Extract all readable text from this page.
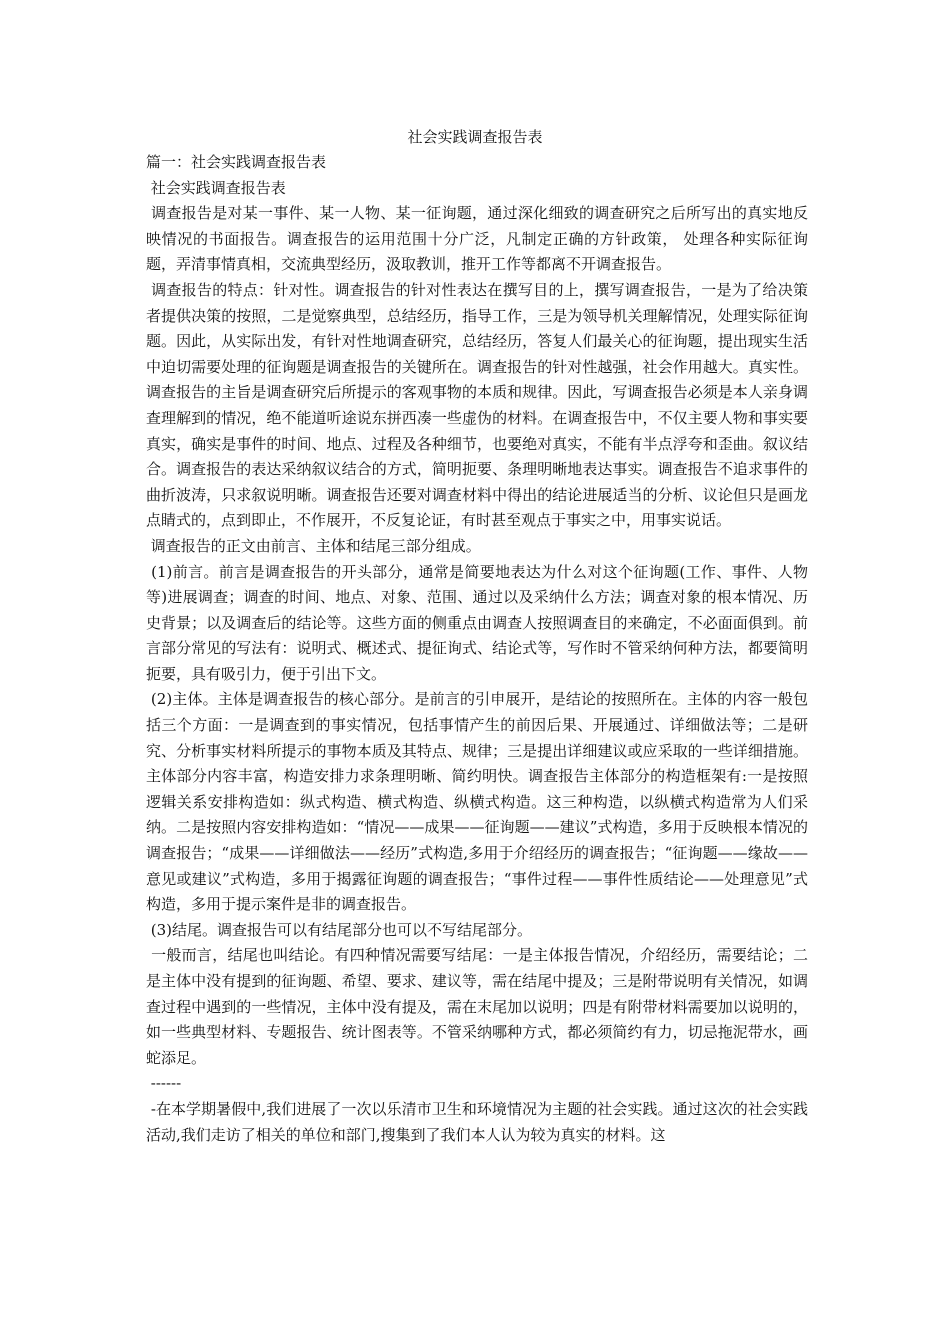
社会实践调查报告表

篇一：社会实践调查报告表

社会实践调查报告表

调查报告是对某一事件、某一人物、某一征询题，通过深化细致的调查研究之后所写出的真实地反映情况的书面报告。调查报告的运用范围十分广泛，凡制定正确的方针政策， 处理各种实际征询题，弄清事情真相，交流典型经历，汲取教训，推开工作等都离不开调查报告。

调查报告的特点：针对性。调查报告的针对性表达在撰写目的上，撰写调查报告，一是为了给决策者提供决策的按照，二是觉察典型，总结经历，指导工作，三是为领导机关理解情况，处理实际征询题。因此，从实际出发，有针对性地调查研究，总结经历，答复人们最关心的征询题，提出现实生活中迫切需要处理的征询题是调查报告的关键所在。调查报告的针对性越强，社会作用越大。真实性。调查报告的主旨是调查研究后所提示的客观事物的本质和规律。因此，写调查报告必须是本人亲身调查理解到的情况，绝不能道听途说东拼西凑一些虚伪的材料。在调查报告中，不仅主要人物和事实要真实，确实是事件的时间、地点、过程及各种细节，也要绝对真实，不能有半点浮夸和歪曲。叙议结合。调查报告的表达采纳叙议结合的方式，简明扼要、条理明晰地表达事实。调查报告不追求事件的曲折波涛，只求叙说明晰。调查报告还要对调查材料中得出的结论进展适当的分析、议论但只是画龙点睛式的，点到即止，不作展开，不反复论证，有时甚至观点于事实之中，用事实说话。

调查报告的正文由前言、主体和结尾三部分组成。

(1)前言。前言是调查报告的开头部分，通常是简要地表达为什么对这个征询题(工作、事件、人物等)进展调查；调查的时间、地点、对象、范围、通过以及采纳什么方法；调查对象的根本情况、历史背景；以及调查后的结论等。这些方面的侧重点由调查人按照调查目的来确定，不必面面俱到。前言部分常见的写法有：说明式、概述式、提征询式、结论式等，写作时不管采纳何种方法，都要简明扼要，具有吸引力，便于引出下文。

(2)主体。主体是调查报告的核心部分。是前言的引申展开，是结论的按照所在。主体的内容一般包括三个方面：一是调查到的事实情况，包括事情产生的前因后果、开展通过、详细做法等；二是研究、分析事实材料所提示的事物本质及其特点、规律；三是提出详细建议或应采取的一些详细措施。主体部分内容丰富，构造安排力求条理明晰、简约明快。调查报告主体部分的构造框架有:一是按照逻辑关系安排构造如：纵式构造、横式构造、纵横式构造。这三种构造，以纵横式构造常为人们采纳。二是按照内容安排构造如：“情况——成果——征询题——建议”式构造，多用于反映根本情况的调查报告；“成果——详细做法——经历”式构造,多用于介绍经历的调查报告；“征询题——缘故——意见或建议”式构造，多用于揭露征询题的调查报告；“事件过程——事件性质结论——处理意见”式构造，多用于提示案件是非的调查报告。

(3)结尾。调查报告可以有结尾部分也可以不写结尾部分。

一般而言，结尾也叫结论。有四种情况需要写结尾：一是主体报告情况，介绍经历，需要结论；二是主体中没有提到的征询题、希望、要求、建议等，需在结尾中提及；三是附带说明有关情况，如调查过程中遇到的一些情况，主体中没有提及，需在末尾加以说明；四是有附带材料需要加以说明的，如一些典型材料、专题报告、统计图表等。不管采纳哪种方式，都必须简约有力，切忌拖泥带水，画蛇添足。

------

-在本学期暑假中,我们进展了一次以乐清市卫生和环境情况为主题的社会实践。通过这次的社会实践活动,我们走访了相关的单位和部门,搜集到了我们本人认为较为真实的材料。这
